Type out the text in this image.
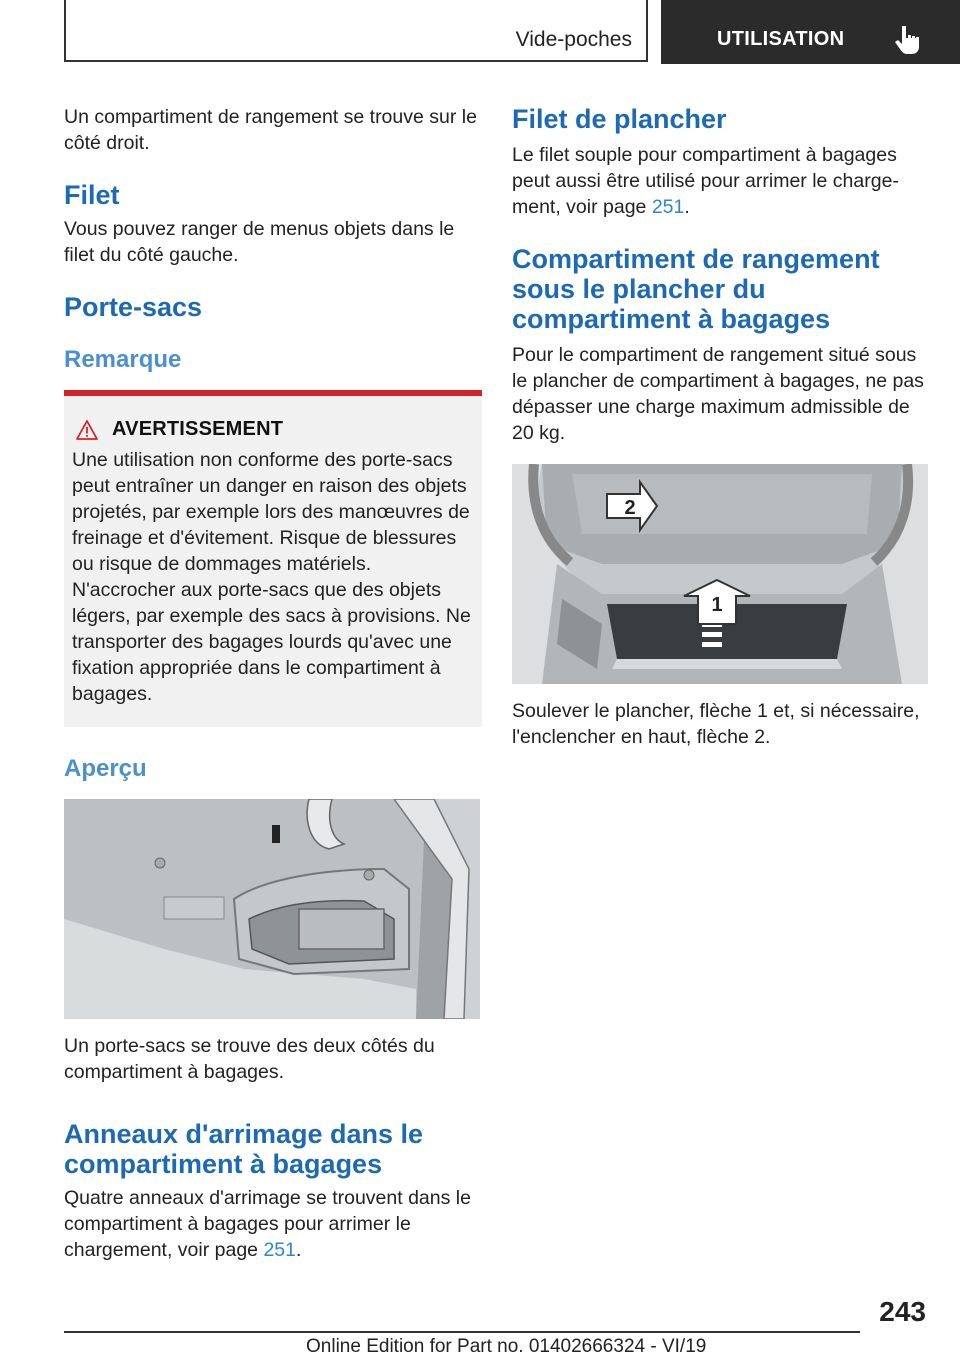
Vide-poches	UTILISATION

Un compartiment de rangement se trouve sur le côté droit.

Filet

Vous pouvez ranger de menus objets dans le filet du côté gauche.

Porte-sacs
Remarque
AVERTISSEMENT

Une utilisation non conforme des porte-sacs peut entraîner un danger en raison des objets projetés, par exemple lors des manœuvres de freinage et d'évitement. Risque de blessures ou risque de dommages matériels. N'accrocher aux porte-sacs que des objets légers, par exemple des sacs à provisions. Ne transporter des bagages lourds qu'avec une fixation appropriée dans le compartiment à bagages.

Aperçu

Un porte-sacs se trouve des deux côtés du compartiment à bagages.

Anneaux d'arrimage dans le compartiment à bagages

Quatre anneaux d'arrimage se trouvent dans le compartiment à bagages pour arrimer le chargement, voir page 251.

Filet de plancher

Le filet souple pour compartiment à bagages peut aussi être utilisé pour arrimer le chargement, voir page 251.

Compartiment de rangement sous le plancher du compartiment à bagages

Pour le compartiment de rangement situé sous le plancher de compartiment à bagages, ne pas dépasser une charge maximum admissible de 20 kg.

1
2

Soulever le plancher, flèche 1 et, si nécessaire, l'enclencher en haut, flèche 2.

243
Online Edition for Part no. 01402666324 - VI/19
